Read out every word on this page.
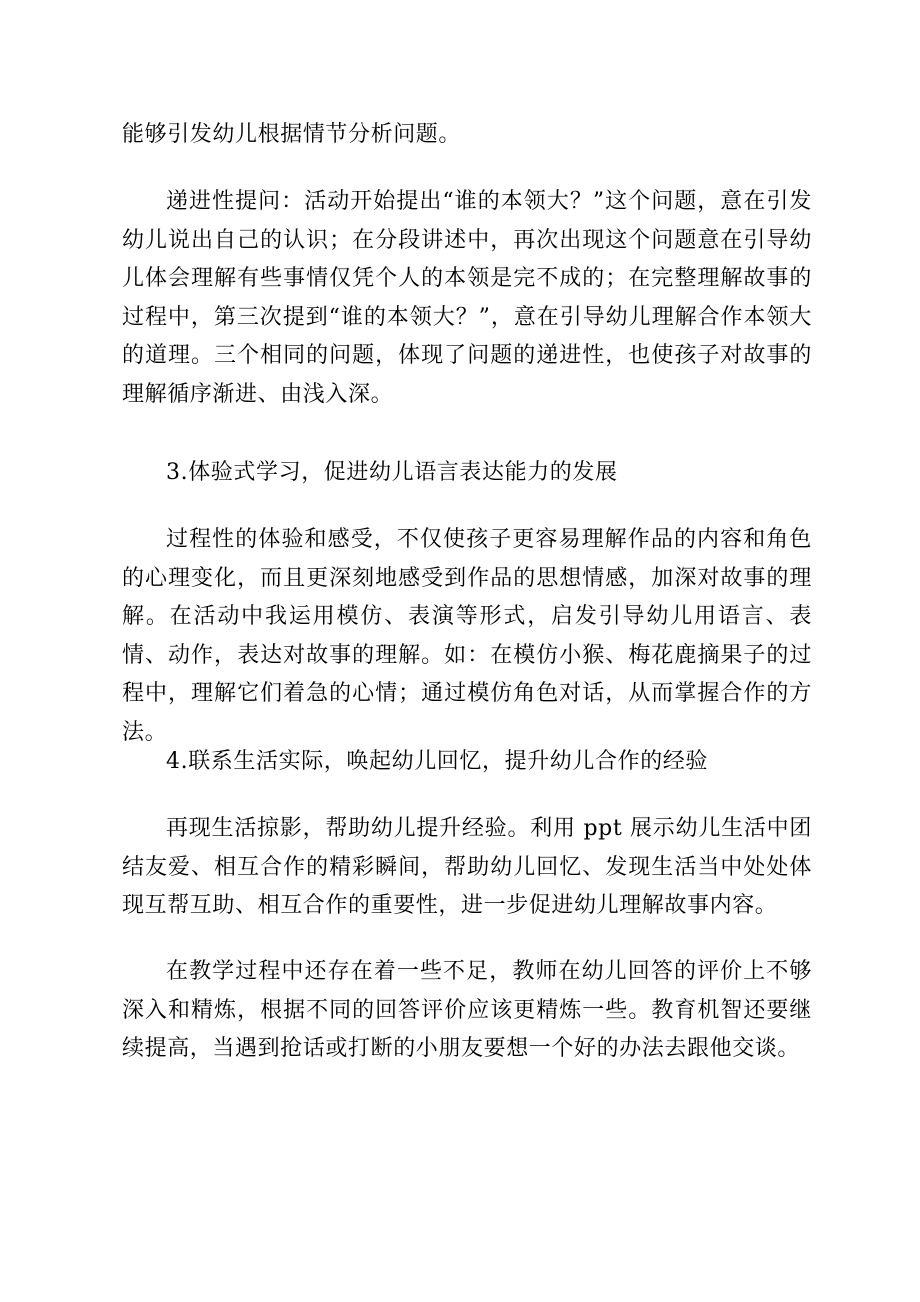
能够引发幼儿根据情节分析问题。

递进性提问：活动开始提出“谁的本领大？”这个问题，意在引发幼儿说出自己的认识；在分段讲述中，再次出现这个问题意在引导幼儿体会理解有些事情仅凭个人的本领是完不成的；在完整理解故事的过程中，第三次提到“谁的本领大？”，意在引导幼儿理解合作本领大的道理。三个相同的问题，体现了问题的递进性，也使孩子对故事的理解循序渐进、由浅入深。

3.体验式学习，促进幼儿语言表达能力的发展

过程性的体验和感受，不仅使孩子更容易理解作品的内容和角色的心理变化，而且更深刻地感受到作品的思想情感，加深对故事的理解。在活动中我运用模仿、表演等形式，启发引导幼儿用语言、表情、动作，表达对故事的理解。如：在模仿小猴、梅花鹿摘果子的过程中，理解它们着急的心情；通过模仿角色对话，从而掌握合作的方法。

4.联系生活实际，唤起幼儿回忆，提升幼儿合作的经验

再现生活掠影，帮助幼儿提升经验。利用 ppt 展示幼儿生活中团结友爱、相互合作的精彩瞬间，帮助幼儿回忆、发现生活当中处处体现互帮互助、相互合作的重要性，进一步促进幼儿理解故事内容。

在教学过程中还存在着一些不足，教师在幼儿回答的评价上不够深入和精炼，根据不同的回答评价应该更精炼一些。教育机智还要继续提高，当遇到抢话或打断的小朋友要想一个好的办法去跟他交谈。
